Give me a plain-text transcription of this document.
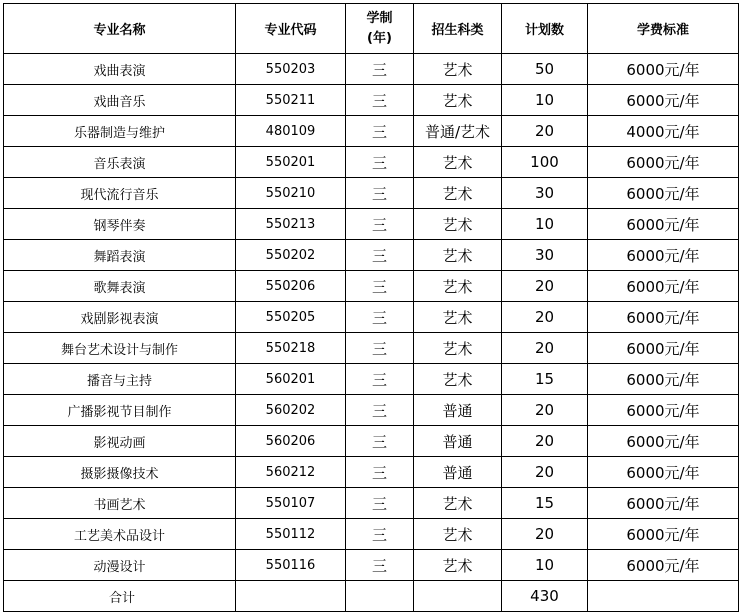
专业名称	专业代码	学制(年)	招生科类	计划数	学费标准
戏曲表演	550203	三	艺术	50	6000元/年
戏曲音乐	550211	三	艺术	10	6000元/年
乐器制造与维护	480109	三	普通/艺术	20	4000元/年
音乐表演	550201	三	艺术	100	6000元/年
现代流行音乐	550210	三	艺术	30	6000元/年
钢琴伴奏	550213	三	艺术	10	6000元/年
舞蹈表演	550202	三	艺术	30	6000元/年
歌舞表演	550206	三	艺术	20	6000元/年
戏剧影视表演	550205	三	艺术	20	6000元/年
舞台艺术设计与制作	550218	三	艺术	20	6000元/年
播音与主持	560201	三	艺术	15	6000元/年
广播影视节目制作	560202	三	普通	20	6000元/年
影视动画	560206	三	普通	20	6000元/年
摄影摄像技术	560212	三	普通	20	6000元/年
书画艺术	550107	三	艺术	15	6000元/年
工艺美术品设计	550112	三	艺术	20	6000元/年
动漫设计	550116	三	艺术	10	6000元/年
合计				430	
